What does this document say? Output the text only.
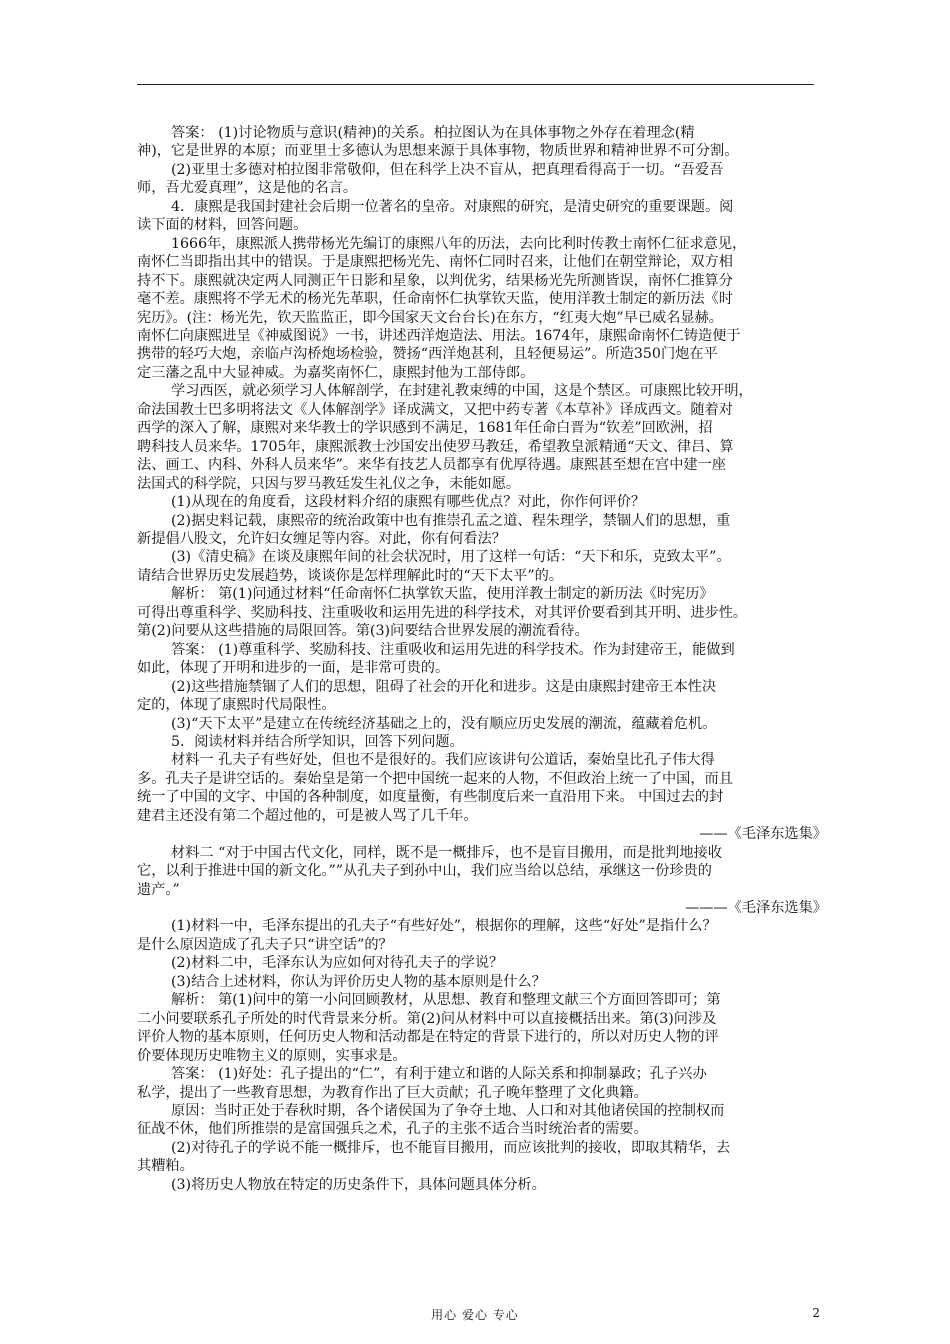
答案： (1)讨论物质与意识(精神)的关系。柏拉图认为在具体事物之外存在着理念(精

神)，它是世界的本原；而亚里士多德认为思想来源于具体事物，物质世界和精神世界不可分割。

(2)亚里士多德对柏拉图非常敬仰，但在科学上决不盲从，把真理看得高于一切。“吾爱吾

师，吾尤爱真理”，这是他的名言。

4．康熙是我国封建社会后期一位著名的皇帝。对康熙的研究，是清史研究的重要课题。阅

读下面的材料，回答问题。

1666年，康熙派人携带杨光先编订的康熙八年的历法，去向比利时传教士南怀仁征求意见，

南怀仁当即指出其中的错误。于是康熙把杨光先、南怀仁同时召来，让他们在朝堂辩论，双方相

持不下。康熙就决定两人同测正午日影和星象，以判优劣，结果杨光先所测皆误，南怀仁推算分

毫不差。康熙将不学无术的杨光先革职，任命南怀仁执掌钦天监，使用洋教士制定的新历法《时

宪历》。(注：杨光先，钦天监监正，即今国家天文台台长)在东方，“红夷大炮”早已威名显赫。

南怀仁向康熙进呈《神威图说》一书，讲述西洋炮造法、用法。1674年，康熙命南怀仁铸造便于

携带的轻巧大炮，亲临卢沟桥炮场检验，赞扬“西洋炮甚利，且轻便易运”。所造350门炮在平

定三藩之乱中大显神威。为嘉奖南怀仁，康熙封他为工部侍郎。

学习西医，就必须学习人体解剖学，在封建礼教束缚的中国，这是个禁区。可康熙比较开明，

命法国教士巴多明将法文《人体解剖学》译成满文，又把中药专著《本草补》译成西文。随着对

西学的深入了解，康熙对来华教士的学识感到不满足，1681年任命白晋为“钦差”回欧洲，招

聘科技人员来华。1705年，康熙派教士沙国安出使罗马教廷，希望教皇派精通“天文、律吕、算

法、画工、内科、外科人员来华”。来华有技艺人员都享有优厚待遇。康熙甚至想在宫中建一座

法国式的科学院，只因与罗马教廷发生礼仪之争，未能如愿。

(1)从现在的角度看，这段材料介绍的康熙有哪些优点？对此，你作何评价？

(2)据史料记载，康熙帝的统治政策中也有推崇孔孟之道、程朱理学，禁锢人们的思想，重

新提倡八股文，允许妇女缠足等内容。对此，你有何看法？

(3)《清史稿》在谈及康熙年间的社会状况时，用了这样一句话：“天下和乐，克致太平”。

请结合世界历史发展趋势，谈谈你是怎样理解此时的“天下太平”的。

解析： 第(1)问通过材料“任命南怀仁执掌钦天监，使用洋教士制定的新历法《时宪历》

可得出尊重科学、奖励科技、注重吸收和运用先进的科学技术，对其评价要看到其开明、进步性。

第(2)问要从这些措施的局限回答。第(3)问要结合世界发展的潮流看待。

答案： (1)尊重科学、奖励科技、注重吸收和运用先进的科学技术。作为封建帝王，能做到

如此，体现了开明和进步的一面，是非常可贵的。

(2)这些措施禁锢了人们的思想，阻碍了社会的开化和进步。这是由康熙封建帝王本性决

定的，体现了康熙时代局限性。

(3)“天下太平”是建立在传统经济基础之上的，没有顺应历史发展的潮流，蕴藏着危机。

5．阅读材料并结合所学知识，回答下列问题。

材料一 孔夫子有些好处，但也不是很好的。我们应该讲句公道话，秦始皇比孔子伟大得

多。孔夫子是讲空话的。秦始皇是第一个把中国统一起来的人物，不但政治上统一了中国，而且

统一了中国的文字、中国的各种制度，如度量衡，有些制度后来一直沿用下来。 中国过去的封

建君主还没有第二个超过他的，可是被人骂了几千年。

——《毛泽东选集》

材料二 “对于中国古代文化，同样，既不是一概排斥，也不是盲目搬用，而是批判地接收

它，以利于推进中国的新文化。””从孔夫子到孙中山，我们应当给以总结，承继这一份珍贵的

遗产。”

———《毛泽东选集》

(1)材料一中，毛泽东提出的孔夫子“有些好处”，根据你的理解，这些“好处”是指什么？

是什么原因造成了孔夫子只“讲空话”的？

(2)材料二中，毛泽东认为应如何对待孔夫子的学说？

(3)结合上述材料，你认为评价历史人物的基本原则是什么？

解析： 第(1)问中的第一小问回顾教材，从思想、教育和整理文献三个方面回答即可；第

二小问要联系孔子所处的时代背景来分析。第(2)问从材料中可以直接概括出来。第(3)问涉及

评价人物的基本原则，任何历史人物和活动都是在特定的背景下进行的，所以对历史人物的评

价要体现历史唯物主义的原则，实事求是。

答案： (1)好处：孔子提出的“仁”，有利于建立和谐的人际关系和抑制暴政；孔子兴办

私学，提出了一些教育思想，为教育作出了巨大贡献；孔子晚年整理了文化典籍。

原因：当时正处于春秋时期，各个诸侯国为了争夺土地、人口和对其他诸侯国的控制权而

征战不休，他们所推崇的是富国强兵之术，孔子的主张不适合当时统治者的需要。

(2)对待孔子的学说不能一概排斥，也不能盲目搬用，而应该批判的接收，即取其精华，去

其糟粕。

(3)将历史人物放在特定的历史条件下，具体问题具体分析。

用心 爱心 专心	2
